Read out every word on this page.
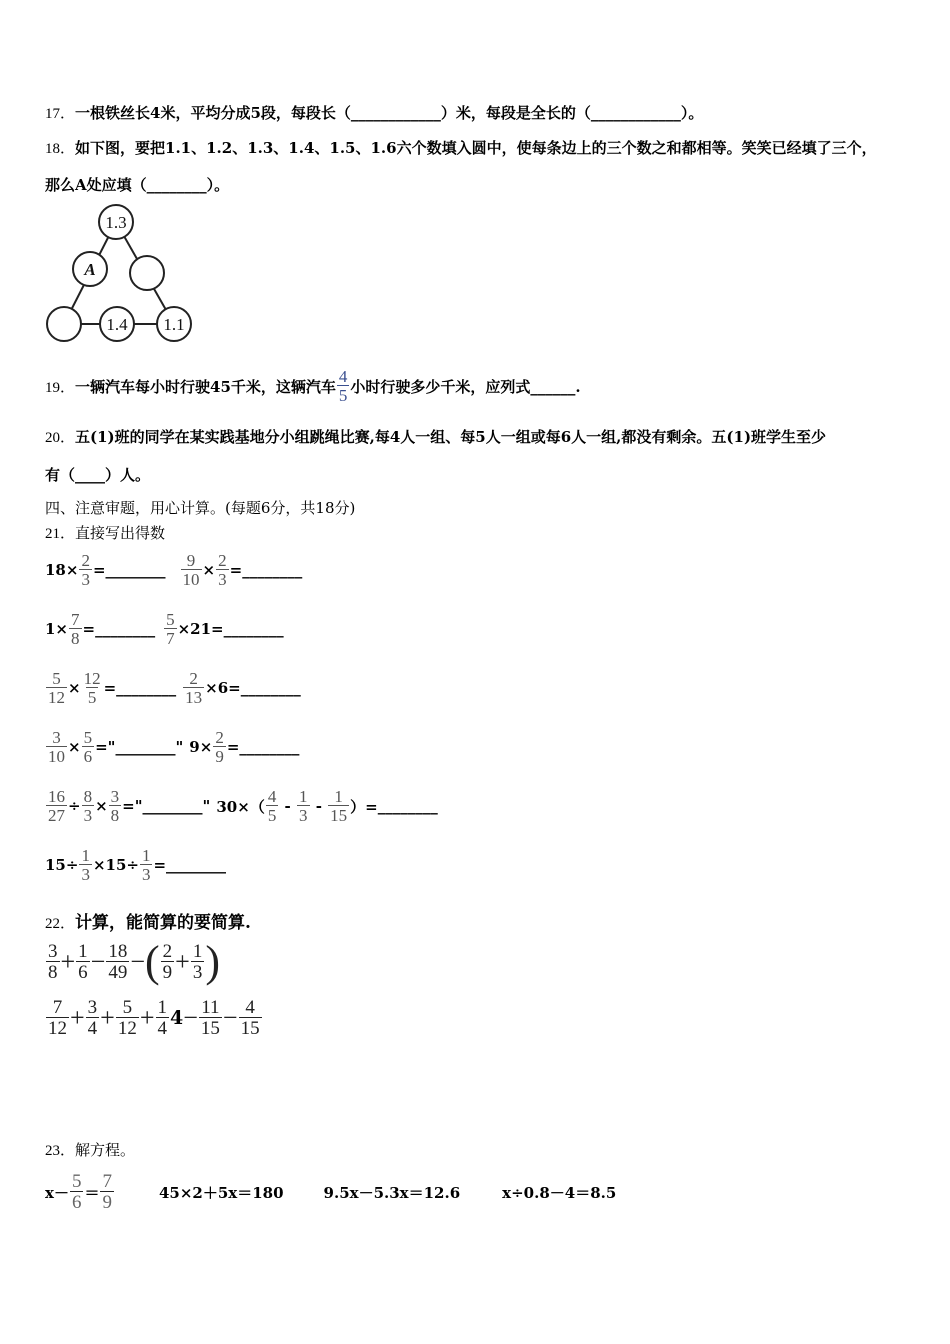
17．一根铁丝长4米，平均分成5段，每段长（____________）米，每段是全长的（____________）。
18．如下图，要把1.1、1.2、1.3、1.4、1.5、1.6六个数填入圆中，使每条边上的三个数之和都相等。笑笑已经填了三个，
那么A处应填（________）。
1.3
A
1.4 1.1
19． 一辆汽车每小时行驶45千米，这辆汽车 $\frac{4}{5}$ 小时行驶多少千米，应列式______.
20．五(1)班的同学在某实践基地分小组跳绳比赛,每4人一组、每5人一组或每6人一组,都没有剩余。五(1)班学生至少
有（____）人。
四、注意审题，用心计算。(每题6分，共18分)
21．直接写出得数
$18\times \frac{2}{3}$ = ________ $\frac{9}{10} \times \frac{2}{3}$ = ________
$1\times \frac{7}{8}$ = ________ $\frac{5}{7} \times 21=$ ________
$\frac{5}{12} \times \frac{12}{5}$ = ________ $\frac{2}{13} \times 6=$ ________
$\frac{3}{10} \times \frac{5}{6}$ =" ________ " $9\times \frac{2}{9}$ = ________
$\frac{16}{27} \div \frac{8}{3} \times \frac{3}{8}$ =" ________ " $30\times( \frac{4}{5} - \frac{1}{3} - \frac{1}{15}$ ）= ________
$15\div \frac{1}{3} \times 15\div \frac{1}{3}$ = ________
22．计算，能简算的要简算.
$\frac{3}{8} + \frac{1}{6} - \frac{18}{49}$ − ( $\frac{2}{9} + \frac{1}{3}$ )
$\frac{7}{12} + \frac{3}{4} + \frac{5}{12} + \frac{1}{4} 4 - \frac{11}{15} - \frac{4}{15}$
23．解方程。
$x- \frac{5}{6} = \frac{7}{9}$	45×2＋5x＝180	9.5x－5.3x＝12.6	x÷0.8－4＝8.5
